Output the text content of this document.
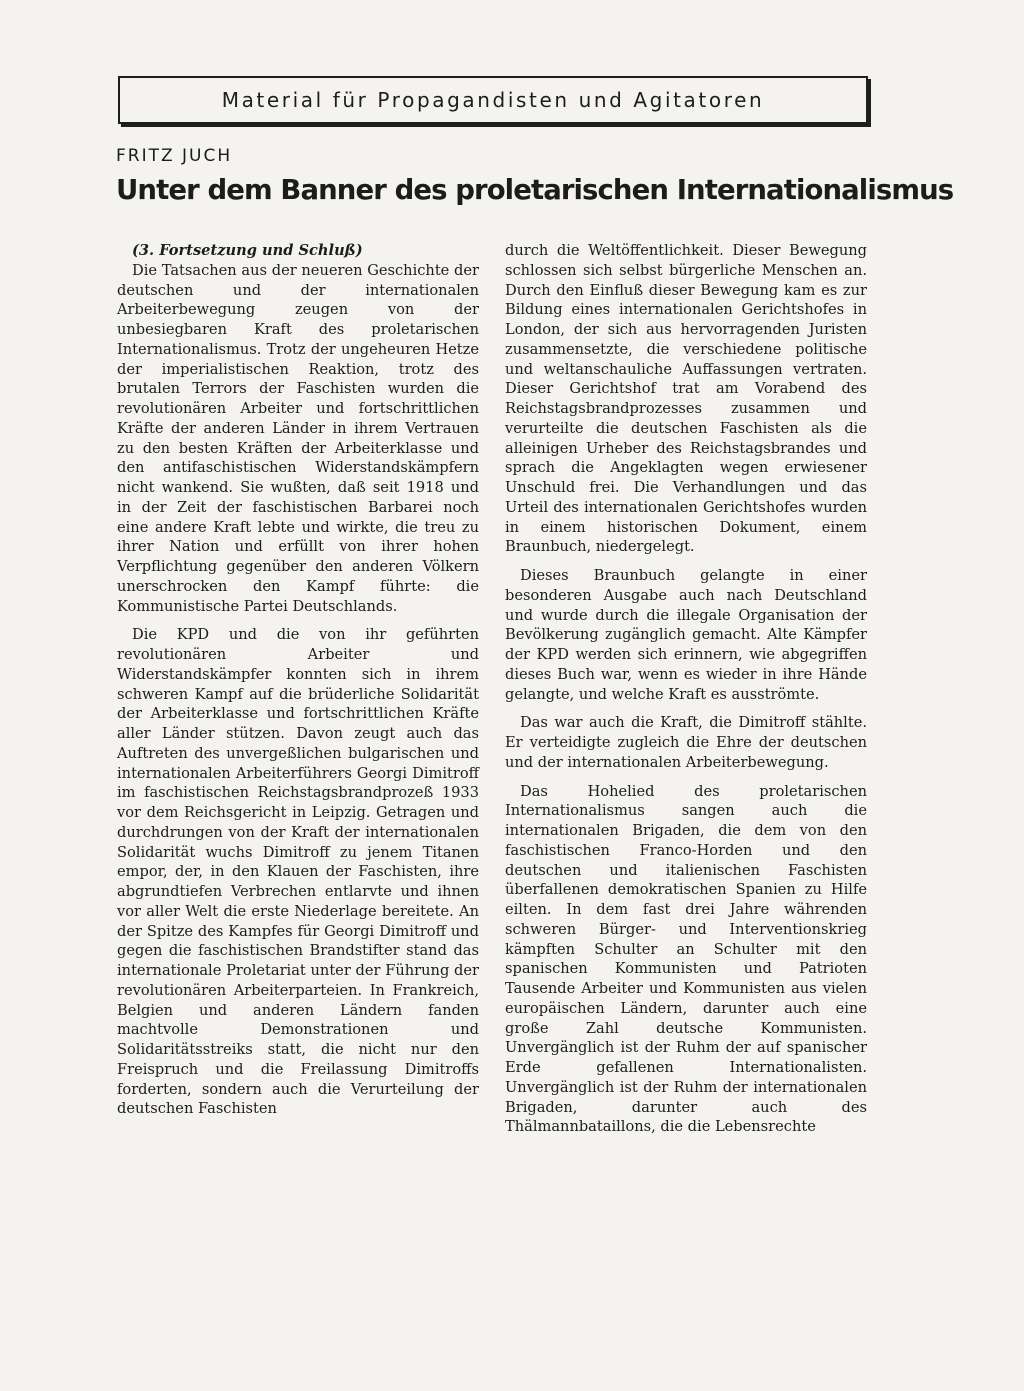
Material für Propagandisten und Agitatoren
FRITZ JUCH
Unter dem Banner des proletarischen Internationalismus

(3. Fortsetzung und Schluß)

Die Tatsachen aus der neueren Geschichte der deutschen und der internationalen Arbeiterbewegung zeugen von der unbesiegbaren Kraft des proletarischen Internationalismus. Trotz der ungeheuren Hetze der imperialistischen Reaktion, trotz des brutalen Terrors der Faschisten wurden die revolutionären Arbeiter und fortschrittlichen Kräfte der anderen Länder in ihrem Vertrauen zu den besten Kräften der Arbeiterklasse und den antifaschistischen Widerstandskämpfern nicht wankend. Sie wußten, daß seit 1918 und in der Zeit der faschistischen Barbarei noch eine andere Kraft lebte und wirkte, die treu zu ihrer Nation und erfüllt von ihrer hohen Verpflichtung gegenüber den anderen Völkern unerschrocken den Kampf führte: die Kommunistische Partei Deutschlands.

Die KPD und die von ihr geführten revolutionären Arbeiter und Widerstandskämpfer konnten sich in ihrem schweren Kampf auf die brüderliche Solidarität der Arbeiterklasse und fortschrittlichen Kräfte aller Länder stützen. Davon zeugt auch das Auftreten des unvergeßlichen bulgarischen und internationalen Arbeiterführers Georgi Dimitroff im faschistischen Reichstagsbrandprozeß 1933 vor dem Reichsgericht in Leipzig. Getragen und durchdrungen von der Kraft der internationalen Solidarität wuchs Dimitroff zu jenem Titanen empor, der, in den Klauen der Faschisten, ihre abgrundtiefen Verbrechen entlarvte und ihnen vor aller Welt die erste Niederlage bereitete. An der Spitze des Kampfes für Georgi Dimitroff und gegen die faschistischen Brandstifter stand das internationale Proletariat unter der Führung der revolutionären Arbeiterparteien. In Frankreich, Belgien und anderen Ländern fanden machtvolle Demonstrationen und Solidaritätsstreiks statt, die nicht nur den Freispruch und die Freilassung Dimitroffs forderten, sondern auch die Verurteilung der deutschen Faschisten

durch die Weltöffentlichkeit. Dieser Bewegung schlossen sich selbst bürgerliche Menschen an. Durch den Einfluß dieser Bewegung kam es zur Bildung eines internationalen Gerichtshofes in London, der sich aus hervorragenden Juristen zusammensetzte, die verschiedene politische und weltanschauliche Auffassungen vertraten. Dieser Gerichtshof trat am Vorabend des Reichstagsbrandprozesses zusammen und verurteilte die deutschen Faschisten als die alleinigen Urheber des Reichstagsbrandes und sprach die Angeklagten wegen erwiesener Unschuld frei. Die Verhandlungen und das Urteil des internationalen Gerichtshofes wurden in einem historischen Dokument, einem Braunbuch, niedergelegt.

Dieses Braunbuch gelangte in einer besonderen Ausgabe auch nach Deutschland und wurde durch die illegale Organisation der Bevölkerung zugänglich gemacht. Alte Kämpfer der KPD werden sich erinnern, wie abgegriffen dieses Buch war, wenn es wieder in ihre Hände gelangte, und welche Kraft es ausströmte.

Das war auch die Kraft, die Dimitroff stählte. Er verteidigte zugleich die Ehre der deutschen und der internationalen Arbeiterbewegung.

Das Hohelied des proletarischen Internationalismus sangen auch die internationalen Brigaden, die dem von den faschistischen Franco-Horden und den deutschen und italienischen Faschisten überfallenen demokratischen Spanien zu Hilfe eilten. In dem fast drei Jahre währenden schweren Bürger- und Interventionskrieg kämpften Schulter an Schulter mit den spanischen Kommunisten und Patrioten Tausende Arbeiter und Kommunisten aus vielen europäischen Ländern, darunter auch eine große Zahl deutsche Kommunisten. Unvergänglich ist der Ruhm der auf spanischer Erde gefallenen Internationalisten. Unvergänglich ist der Ruhm der internationalen Brigaden, darunter auch des Thälmannbataillons, die die Lebensrechte
